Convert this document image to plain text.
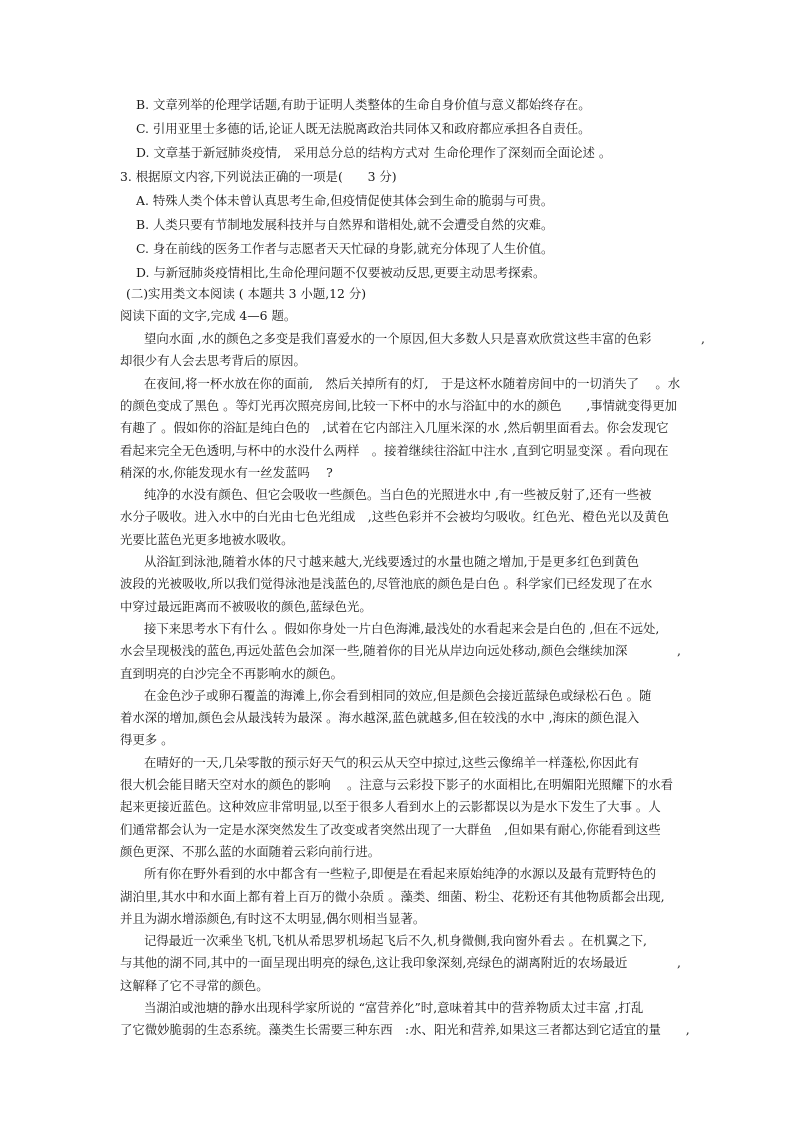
B. 文章列举的伦理学话题,有助于证明人类整体的生命自身价值与意义都始终存在。
C. 引用亚里士多德的话,论证人既无法脱离政治共同体又和政府都应承担各自责任。
D. 文章基于新冠肺炎疫情,　采用总分总的结构方式对 生命伦理作了深刻而全面论述 。
3. 根据原文内容,下列说法正确的一项是(　　3 分)
A. 特殊人类个体未曾认真思考生命,但疫情促使其体会到生命的脆弱与可贵。
B. 人类只要有节制地发展科技并与自然界和谐相处,就不会遭受自然的灾难。
C. 身在前线的医务工作者与志愿者天天忙碌的身影,就充分体现了人生价值。
D. 与新冠肺炎疫情相比,生命伦理问题不仅要被动反思,更要主动思考探索。
(二)实用类文本阅读 ( 本题共 3 小题,12 分)
阅读下面的文字,完成 4—6 题。
望向水面 ,水的颜色之多变是我们喜爱水的一个原因,但大多数人只是喜欢欣赏这些丰富的色彩　　　　,
却很少有人会去思考背后的原因。
在夜间,将一杯水放在你的面前,　然后关掉所有的灯,　于是这杯水随着房间中的一切消失了　 。水
的颜色变成了黑色 。等灯光再次照亮房间,比较一下杯中的水与浴缸中的水的颜色　　,事情就变得更加
有趣了 。假如你的浴缸是纯白色的　,试着在它内部注入几厘米深的水 ,然后朝里面看去。你会发现它
看起来完全无色透明,与杯中的水没什么两样　。接着继续往浴缸中注水 ,直到它明显变深 。看向现在
稍深的水,你能发现水有一丝发蓝吗　 ?
纯净的水没有颜色、但它会吸收一些颜色。当白色的光照进水中 ,有一些被反射了,还有一些被
水分子吸收。进入水中的白光由七色光组成　,这些色彩并不会被均匀吸收。红色光、橙色光以及黄色
光要比蓝色光更多地被水吸收。
从浴缸到泳池,随着水体的尺寸越来越大,光线要透过的水量也随之增加,于是更多红色到黄色
波段的光被吸收,所以我们觉得泳池是浅蓝色的,尽管池底的颜色是白色 。科学家们已经发现了在水
中穿过最远距离而不被吸收的颜色,蓝绿色光。
接下来思考水下有什么 。假如你身处一片白色海滩,最浅处的水看起来会是白色的 ,但在不远处,
水会呈现极浅的蓝色,再远处蓝色会加深一些,随着你的目光从岸边向远处移动,颜色会继续加深　　　　,
直到明亮的白沙完全不再影响水的颜色。
在金色沙子或卵石覆盖的海滩上,你会看到相同的效应,但是颜色会接近蓝绿色或绿松石色 。随
着水深的增加,颜色会从最浅转为最深 。海水越深,蓝色就越多,但在较浅的水中 ,海床的颜色混入
得更多 。
在晴好的一天,几朵零散的预示好天气的积云从天空中掠过,这些云像绵羊一样蓬松,你因此有
很大机会能目睹天空对水的颜色的影响　 。注意与云彩投下影子的水面相比,在明媚阳光照耀下的水看
起来更接近蓝色。这种效应非常明显,以至于很多人看到水上的云影都误以为是水下发生了大事 。人
们通常都会认为一定是水深突然发生了改变或者突然出现了一大群鱼　,但如果有耐心,你能看到这些
颜色更深、不那么蓝的水面随着云彩向前行进。
所有你在野外看到的水中都含有一些粒子,即便是在看起来原始纯净的水源以及最有荒野特色的
湖泊里,其水中和水面上都有着上百万的微小杂质 。藻类、细菌、粉尘、花粉还有其他物质都会出现,
并且为湖水增添颜色,有时这不太明显,偶尔则相当显著。
记得最近一次乘坐飞机,飞机从希思罗机场起飞后不久,机身微侧,我向窗外看去 。在机翼之下,
与其他的湖不同,其中的一面呈现出明亮的绿色,这让我印象深刻,亮绿色的湖离附近的农场最近　　　　,
这解释了它不寻常的颜色。
当湖泊或池塘的静水出现科学家所说的 “富营养化”时,意味着其中的营养物质太过丰富 ,打乱
了它微妙脆弱的生态系统。藻类生长需要三种东西　:水、阳光和营养,如果这三者都达到它适宜的量　　,
